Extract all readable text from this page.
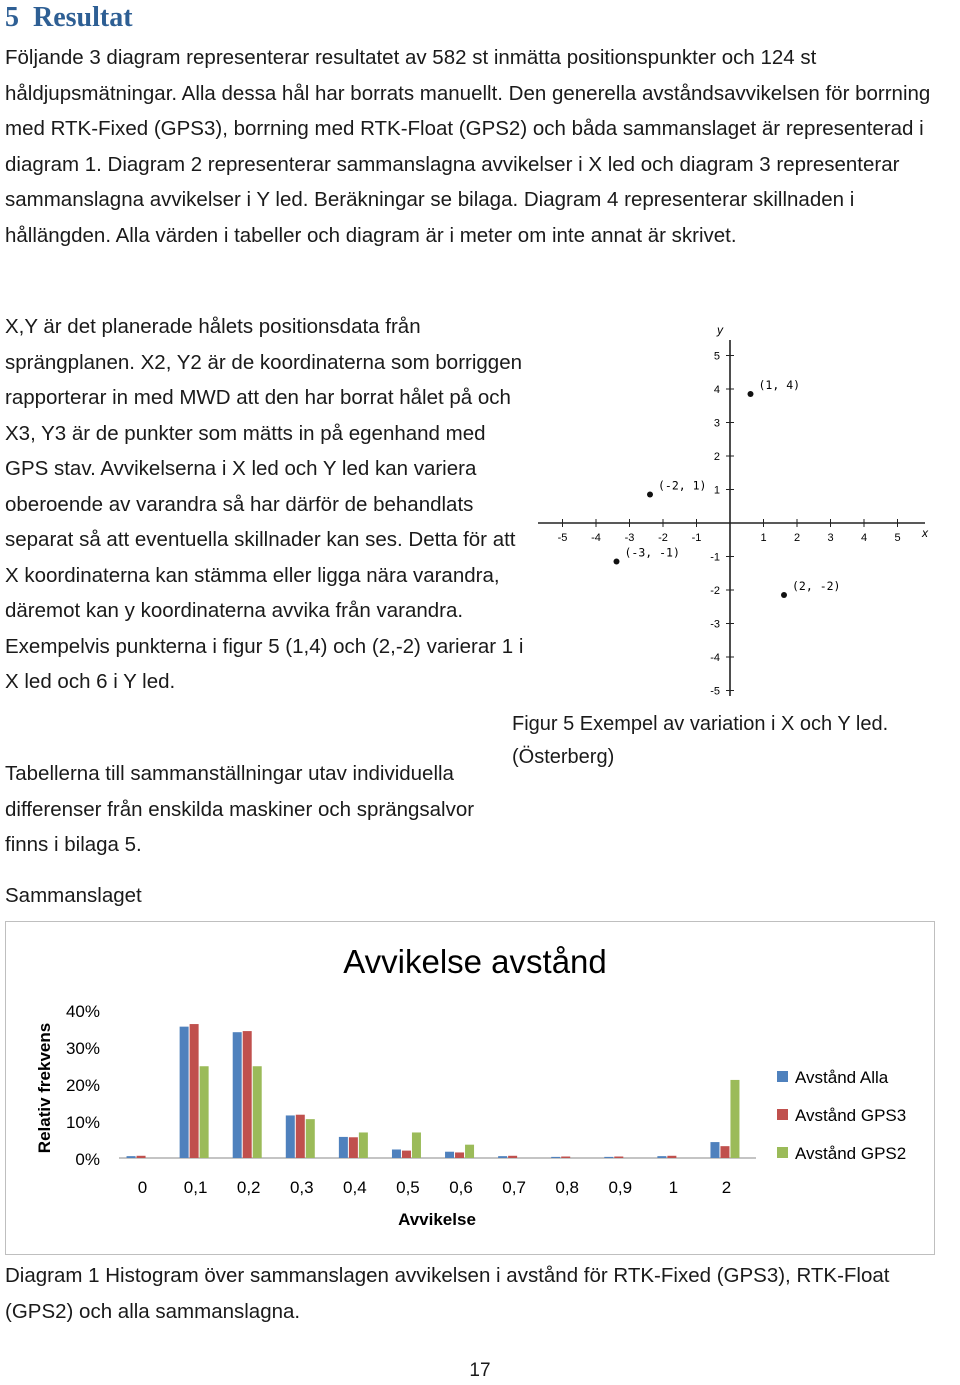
5 Resultat
Följande 3 diagram representerar resultatet av 582 st inmätta positionspunkter och 124 st håldjupsmätningar. Alla dessa hål har borrats manuellt. Den generella avståndsavvikelsen för borrning med RTK-Fixed (GPS3), borrning med RTK-Float (GPS2) och båda sammanslaget är representerad i diagram 1. Diagram 2 representerar sammanslagna avvikelser i X led och diagram 3 representerar sammanslagna avvikelser i Y led. Beräkningar se bilaga. Diagram 4 representerar skillnaden i hållängden. Alla värden i tabeller och diagram är i meter om inte annat är skrivet.
X,Y är det planerade hålets positionsdata från sprängplanen. X2, Y2 är de koordinaterna som borriggen rapporterar in med MWD att den har borrat hålet på och X3, Y3 är de punkter som mätts in på egenhand med GPS stav. Avvikelserna i X led och Y led kan variera oberoende av varandra så har därför de behandlats separat så att eventuella skillnader kan ses. Detta för att X koordinaterna kan stämma eller ligga nära varandra, däremot kan y koordinaterna avvika från varandra. Exempelvis punkterna i figur 5 (1,4) och (2,-2) varierar 1 i X led och 6 i Y led.
Tabellerna till sammanställningar utav individuella differenser från enskilda maskiner och sprängsalvor finns i bilaga 5.
x
y
-5 -4 -3 -2 -1	1 2 3 4 5
5
4
3
2
1
-1
-2
-3
-4
-5
(1, 4)
(-2, 1)
(-3, -1)
(2, -2)
Figur 5 Exempel av variation i X och Y led. (Österberg)
Sammanslaget
Avvikelse avstånd
0%
10%
20%
30%
40%
0 0,1 0,2 0,3 0,4 0,5 0,6 0,7 0,8 0,9 1	2
Avvikelse
Relativ frekvens	Avstånd Alla
Avstånd GPS3
Avstånd GPS2
Diagram 1 Histogram över sammanslagen avvikelsen i avstånd för RTK-Fixed (GPS3), RTK-Float (GPS2) och alla sammanslagna.
17
